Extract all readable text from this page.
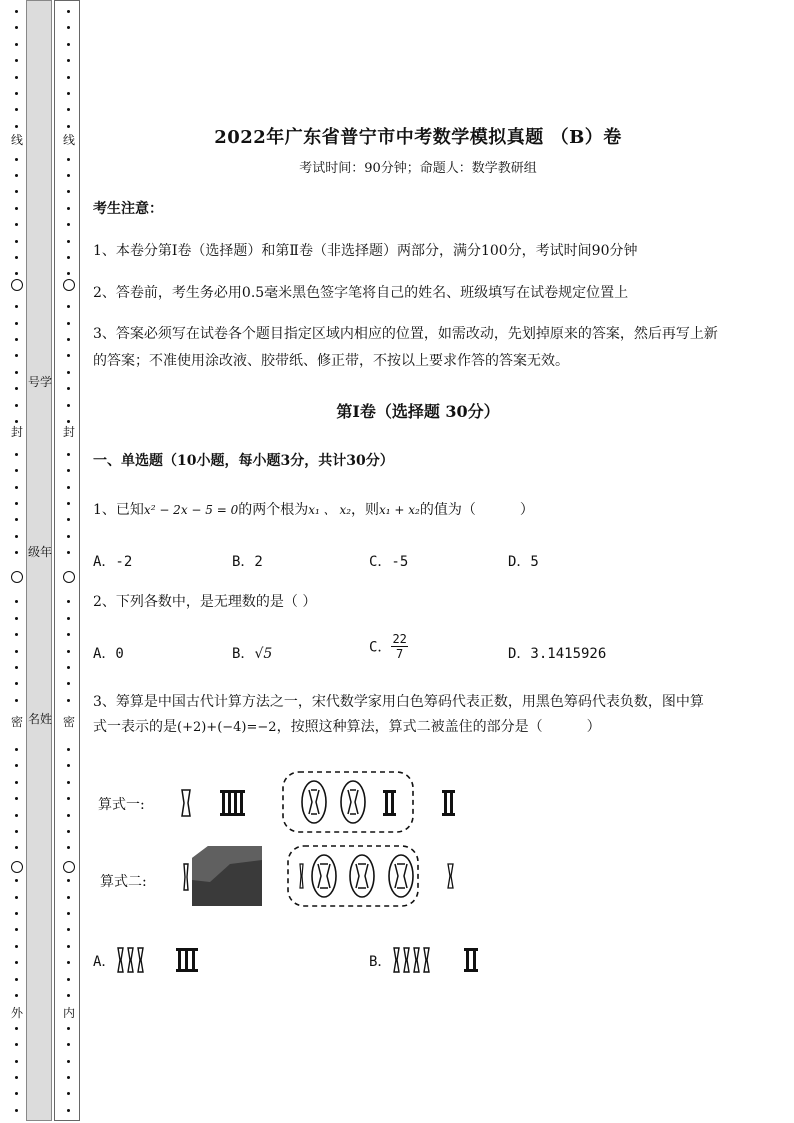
线
封
密
外
号学
级年
名姓
线
封
密
内
2022年广东省普宁市中考数学模拟真题 （B）卷
考试时间：90分钟；命题人：数学教研组
考生注意：
1、本卷分第I卷（选择题）和第Ⅱ卷（非选择题）两部分，满分100分，考试时间90分钟
2、答卷前，考生务必用0.5毫米黑色签字笔将自己的姓名、班级填写在试卷规定位置上
3、答案必须写在试卷各个题目指定区域内相应的位置，如需改动，先划掉原来的答案，然后再写上新
的答案；不准使用涂改液、胶带纸、修正带，不按以上要求作答的答案无效。
第I卷（选择题 30分）
一、单选题（10小题，每小题3分，共计30分）
1、已知x² − 2x − 5 = 0的两个根为x₁ 、 x₂，则x₁ + x₂的值为（	）
A．-2	B．2	C．-5	D．5
2、下列各数中，是无理数的是（ ）
A．0	B．√5	C． $\frac{22}{7}$	D．3.1415926
3、筹算是中国古代计算方法之一，宋代数学家用白色筹码代表正数，用黑色筹码代表负数，图中算
式一表示的是(+2)+(−4)=−2，按照这种算法，算式二被盖住的部分是（	）
算式一:
算式二:
A．	B．
